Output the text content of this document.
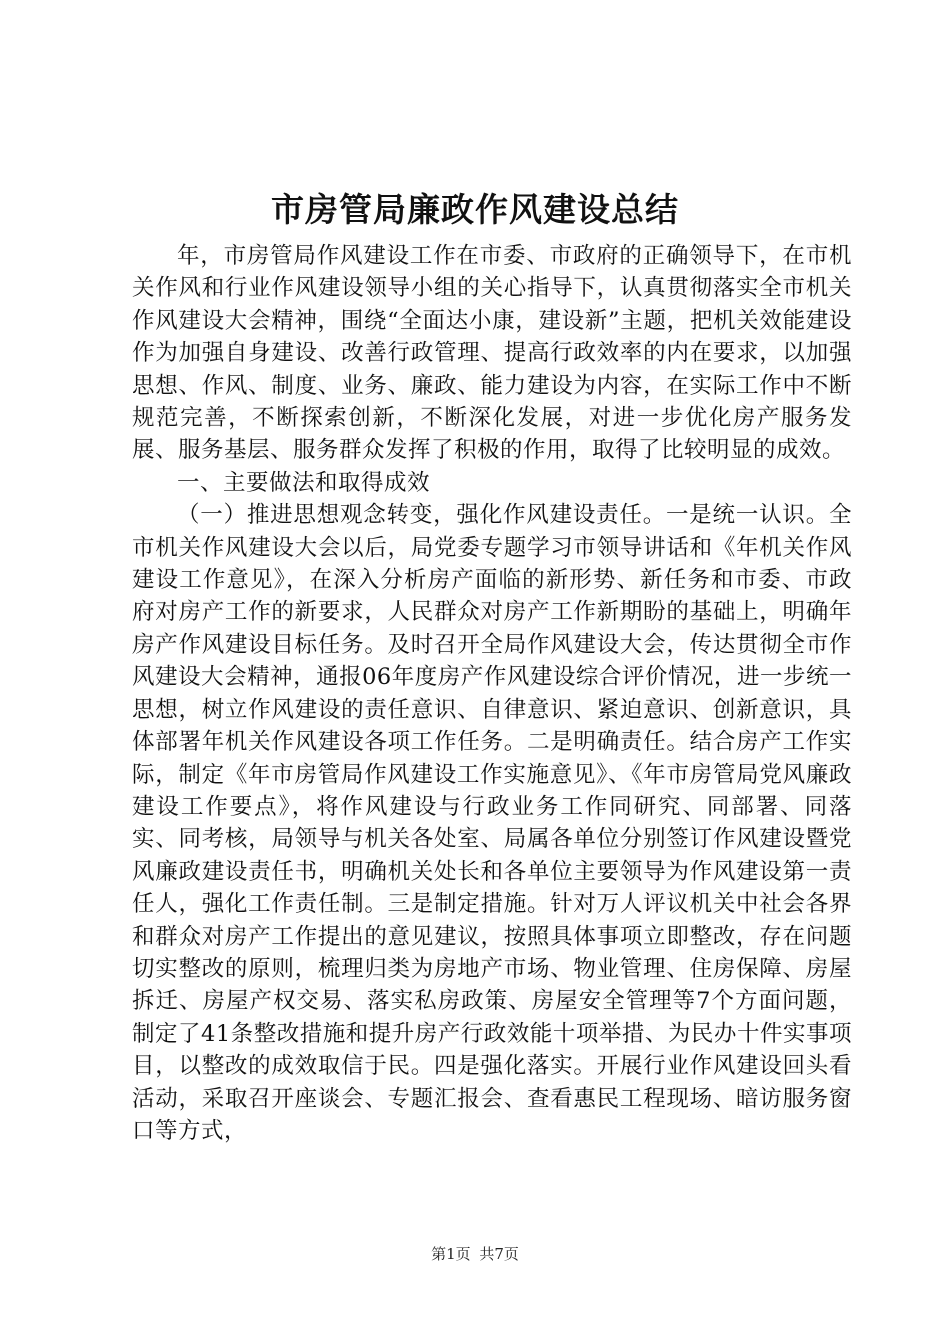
市房管局廉政作风建设总结

年，市房管局作风建设工作在市委、市政府的正确领导下，在市机关作风和行业作风建设领导小组的关心指导下，认真贯彻落实全市机关作风建设大会精神，围绕“全面达小康，建设新”主题，把机关效能建设作为加强自身建设、改善行政管理、提高行政效率的内在要求，以加强思想、作风、制度、业务、廉政、能力建设为内容，在实际工作中不断规范完善，不断探索创新，不断深化发展，对进一步优化房产服务发展、服务基层、服务群众发挥了积极的作用，取得了比较明显的成效。

一、主要做法和取得成效

（一）推进思想观念转变，强化作风建设责任。一是统一认识。全市机关作风建设大会以后，局党委专题学习市领导讲话和《年机关作风建设工作意见》，在深入分析房产面临的新形势、新任务和市委、市政府对房产工作的新要求，人民群众对房产工作新期盼的基础上，明确年房产作风建设目标任务。及时召开全局作风建设大会，传达贯彻全市作风建设大会精神，通报06年度房产作风建设综合评价情况，进一步统一思想，树立作风建设的责任意识、自律意识、紧迫意识、创新意识，具体部署年机关作风建设各项工作任务。二是明确责任。结合房产工作实际，制定《年市房管局作风建设工作实施意见》、《年市房管局党风廉政建设工作要点》，将作风建设与行政业务工作同研究、同部署、同落实、同考核，局领导与机关各处室、局属各单位分别签订作风建设暨党风廉政建设责任书，明确机关处长和各单位主要领导为作风建设第一责任人，强化工作责任制。三是制定措施。针对万人评议机关中社会各界和群众对房产工作提出的意见建议，按照具体事项立即整改，存在问题切实整改的原则，梳理归类为房地产市场、物业管理、住房保障、房屋拆迁、房屋产权交易、落实私房政策、房屋安全管理等7个方面问题，制定了41条整改措施和提升房产行政效能十项举措、为民办十件实事项目，以整改的成效取信于民。四是强化落实。开展行业作风建设回头看活动，采取召开座谈会、专题汇报会、查看惠民工程现场、暗访服务窗口等方式，

第1页 共7页
